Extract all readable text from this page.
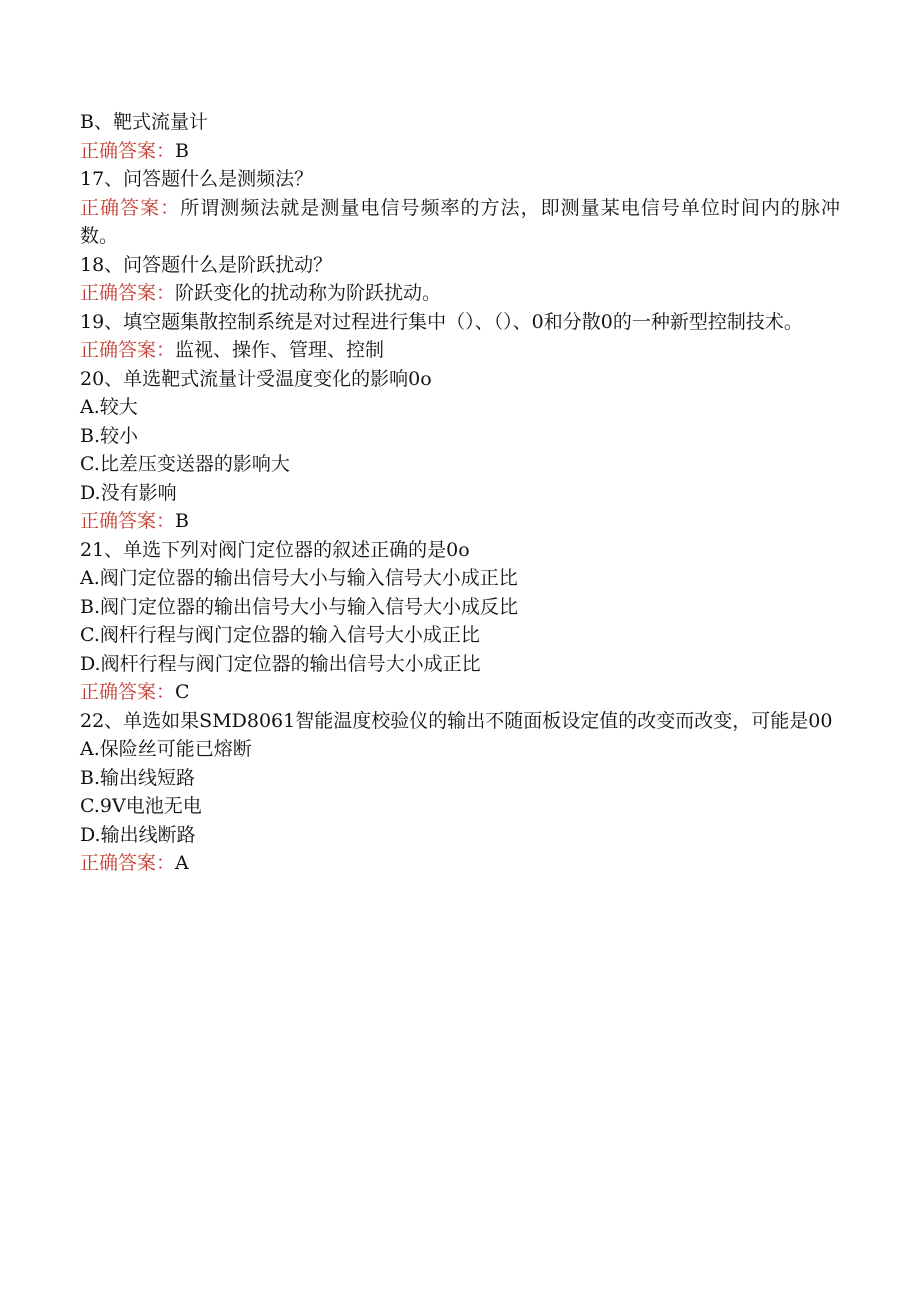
B、靶式流量计
正确答案：B
17、问答题什么是测频法？
正确答案：所谓测频法就是测量电信号频率的方法，即测量某电信号单位时间内的脉冲数。
18、问答题什么是阶跃扰动？
正确答案：阶跃变化的扰动称为阶跃扰动。
19、填空题集散控制系统是对过程进行集中（）、（）、0和分散0的一种新型控制技术。
正确答案：监视、操作、管理、控制
20、单选靶式流量计受温度变化的影响0o
A.较大
B.较小
C.比差压变送器的影响大
D.没有影响
正确答案：B
21、单选下列对阀门定位器的叙述正确的是0o
A.阀门定位器的输出信号大小与输入信号大小成正比
B.阀门定位器的输出信号大小与输入信号大小成反比
C.阀杆行程与阀门定位器的输入信号大小成正比
D.阀杆行程与阀门定位器的输出信号大小成正比
正确答案：C
22、单选如果SMD8061智能温度校验仪的输出不随面板设定值的改变而改变，可能是00
A.保险丝可能已熔断
B.输出线短路
C.9V电池无电
D.输出线断路
正确答案：A
